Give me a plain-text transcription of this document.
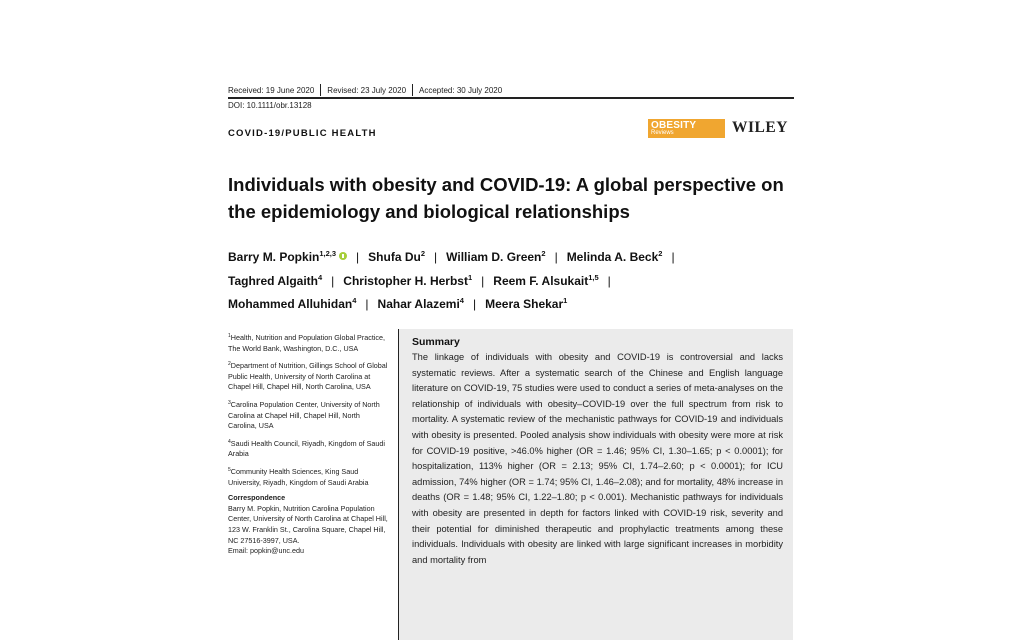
Received: 19 June 2020 Revised: 23 July 2020 Accepted: 30 July 2020
DOI: 10.1111/obr.13128
COVID-19/PUBLIC HEALTH
OBESITY
Reviews	WILEY
Individuals with obesity and COVID-19: A global perspective on the epidemiology and biological relationships
Barry M. Popkin$^{1,2,3}$ | Shufa Du$^2$ | William D. Green$^2$ | Melinda A. Beck$^2$ |
Taghred Algaith$^4$ | Christopher H. Herbst$^1$ | Reem F. Alsukait$^{1,5}$ |
Mohammed Alluhidan$^4$ | Nahar Alazemi$^4$ | Meera Shekar$^1$

$^1$Health, Nutrition and Population Global Practice, The World Bank, Washington, D.C., USA

$^2$Department of Nutrition, Gillings School of Global Public Health, University of North Carolina at Chapel Hill, Chapel Hill, North Carolina, USA

$^3$Carolina Population Center, University of North Carolina at Chapel Hill, Chapel Hill, North Carolina, USA

$^4$Saudi Health Council, Riyadh, Kingdom of Saudi Arabia

$^5$Community Health Sciences, King Saud University, Riyadh, Kingdom of Saudi Arabia

Correspondence

Barry M. Popkin, Nutrition Carolina Population Center, University of North Carolina at Chapel Hill, 123 W. Franklin St., Carolina Square, Chapel Hill, NC 27516-3997, USA.

Email: popkin@unc.edu

Summary

The linkage of individuals with obesity and COVID-19 is controversial and lacks systematic reviews. After a systematic search of the Chinese and English language literature on COVID-19, 75 studies were used to conduct a series of meta-analyses on the relationship of individuals with obesity–COVID-19 over the full spectrum from risk to mortality. A systematic review of the mechanistic pathways for COVID-19 and individuals with obesity is presented. Pooled analysis show individuals with obesity were more at risk for COVID-19 positive, >46.0% higher (OR = 1.46; 95% CI, 1.30–1.65; p < 0.0001); for hospitalization, 113% higher (OR = 2.13; 95% CI, 1.74–2.60; p < 0.0001); for ICU admission, 74% higher (OR = 1.74; 95% CI, 1.46–2.08); and for mortality, 48% increase in deaths (OR = 1.48; 95% CI, 1.22–1.80; p < 0.001). Mechanistic pathways for individuals with obesity are presented in depth for factors linked with COVID-19 risk, severity and their potential for diminished therapeutic and prophylactic treatments among these individuals. Individuals with obesity are linked with large significant increases in morbidity and mortality from
